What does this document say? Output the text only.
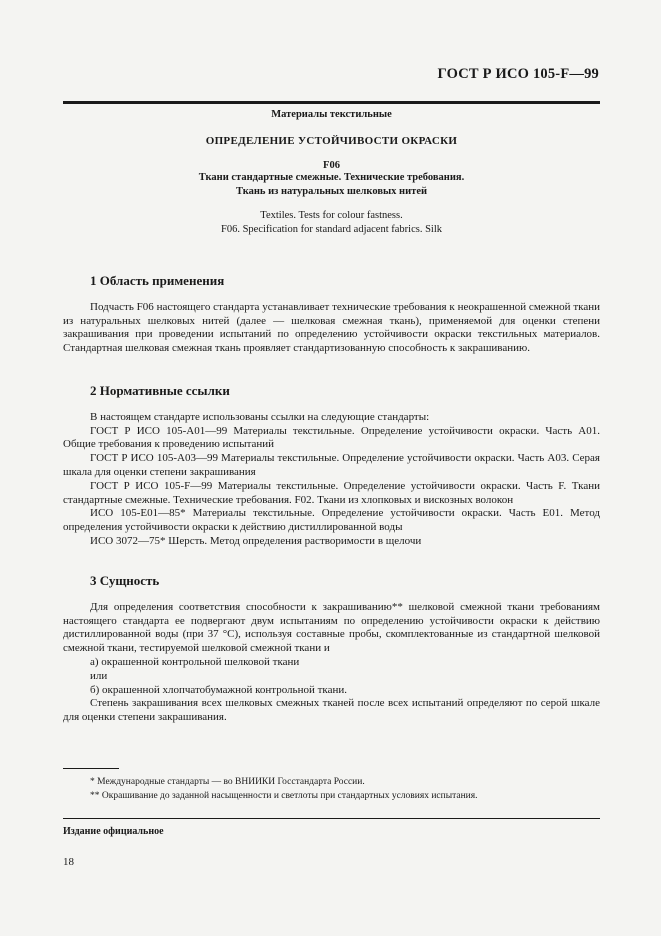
ГОСТ Р ИСО 105-F—99
Материалы текстильные
ОПРЕДЕЛЕНИЕ УСТОЙЧИВОСТИ ОКРАСКИ
F06
Ткани стандартные смежные. Технические требования.
Ткань из натуральных шелковых нитей
Textiles. Tests for colour fastness.
F06. Specification for standard adjacent fabrics. Silk
1 Область применения

Подчасть F06 настоящего стандарта устанавливает технические требования к неокрашенной смежной ткани из натуральных шелковых нитей (далее — шелковая смежная ткань), применяемой для оценки степени закрашивания при проведении испытаний по определению устойчивости окраски текстильных материалов. Стандартная шелковая смежная ткань проявляет стандартизованную способность к закрашиванию.

2 Нормативные ссылки

В настоящем стандарте использованы ссылки на следующие стандарты:

ГОСТ Р ИСО 105-А01—99 Материалы текстильные. Определение устойчивости окраски. Часть А01. Общие требования к проведению испытаний

ГОСТ Р ИСО 105-А03—99 Материалы текстильные. Определение устойчивости окраски. Часть А03. Серая шкала для оценки степени закрашивания

ГОСТ Р ИСО 105-F—99 Материалы текстильные. Определение устойчивости окраски. Часть F. Ткани стандартные смежные. Технические требования. F02. Ткани из хлопковых и вискозных волокон

ИСО 105-Е01—85* Материалы текстильные. Определение устойчивости окраски. Часть Е01. Метод определения устойчивости окраски к действию дистиллированной воды

ИСО 3072—75* Шерсть. Метод определения растворимости в щелочи

3 Сущность

Для определения соответствия способности к закрашиванию** шелковой смежной ткани требованиям настоящего стандарта ее подвергают двум испытаниям по определению устойчивости окраски к действию дистиллированной воды (при 37 °С), используя составные пробы, скомплектованные из стандартной шелковой смежной ткани, тестируемой шелковой смежной ткани и

а) окрашенной контрольной шелковой ткани
или
б) окрашенной хлопчатобумажной контрольной ткани.

Степень закрашивания всех шелковых смежных тканей после всех испытаний определяют по серой шкале для оценки степени закрашивания.

* Международные стандарты — во ВНИИКИ Госстандарта России.
** Окрашивание до заданной насыщенности и светлоты при стандартных условиях испытания.
Издание официальное
18
